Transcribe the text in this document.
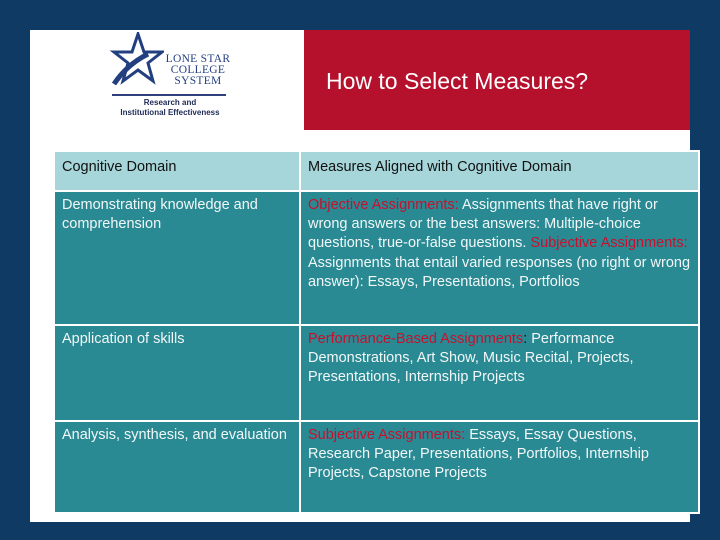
LONE STAR
COLLEGE
SYSTEM
Research and
Institutional Effectiveness
How to Select Measures?
Cognitive Domain	Measures Aligned with Cognitive Domain
Demonstrating knowledge and comprehension	Objective Assignments: Assignments that have right or wrong answers or the best answers: Multiple-choice questions, true-or-false questions. Subjective Assignments: Assignments that entail varied responses (no right or wrong answer): Essays, Presentations, Portfolios
Application of skills	Performance-Based Assignments: Performance Demonstrations, Art Show, Music Recital, Projects, Presentations, Internship Projects
Analysis, synthesis, and evaluation	Subjective Assignments: Essays, Essay Questions, Research Paper, Presentations, Portfolios, Internship Projects, Capstone Projects
